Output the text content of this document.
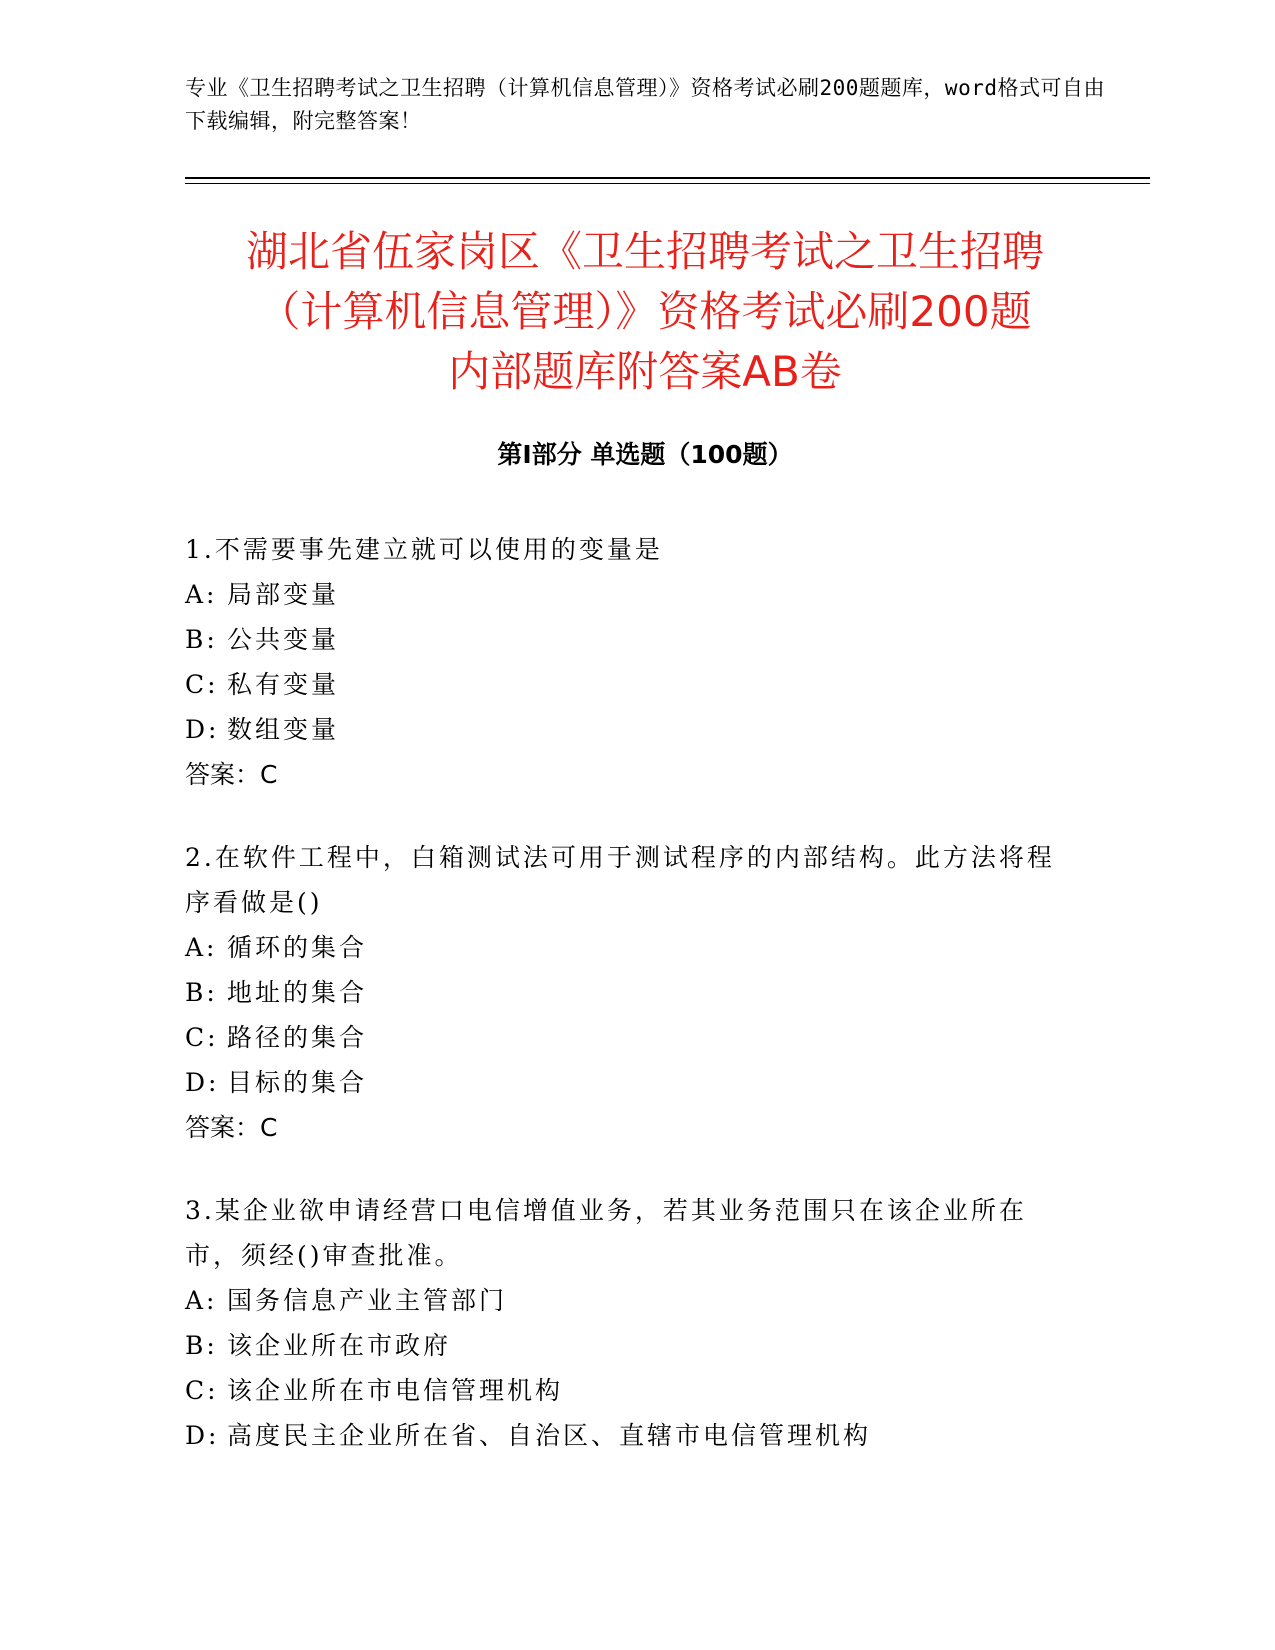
专业《卫生招聘考试之卫生招聘（计算机信息管理）》资格考试必刷200题题库，word格式可自由下载编辑，附完整答案！
湖北省伍家岗区《卫生招聘考试之卫生招聘
（计算机信息管理）》资格考试必刷200题
内部题库附答案AB卷
第I部分 单选题（100题）

1.不需要事先建立就可以使用的变量是

A: 局部变量

B: 公共变量

C: 私有变量

D: 数组变量

答案：C

2.在软件工程中，白箱测试法可用于测试程序的内部结构。此方法将程序看做是()

A: 循环的集合

B: 地址的集合

C: 路径的集合

D: 目标的集合

答案：C

3.某企业欲申请经营口电信增值业务，若其业务范围只在该企业所在市，须经()审查批准。

A: 国务信息产业主管部门

B: 该企业所在市政府

C: 该企业所在市电信管理机构

D: 高度民主企业所在省、自治区、直辖市电信管理机构
